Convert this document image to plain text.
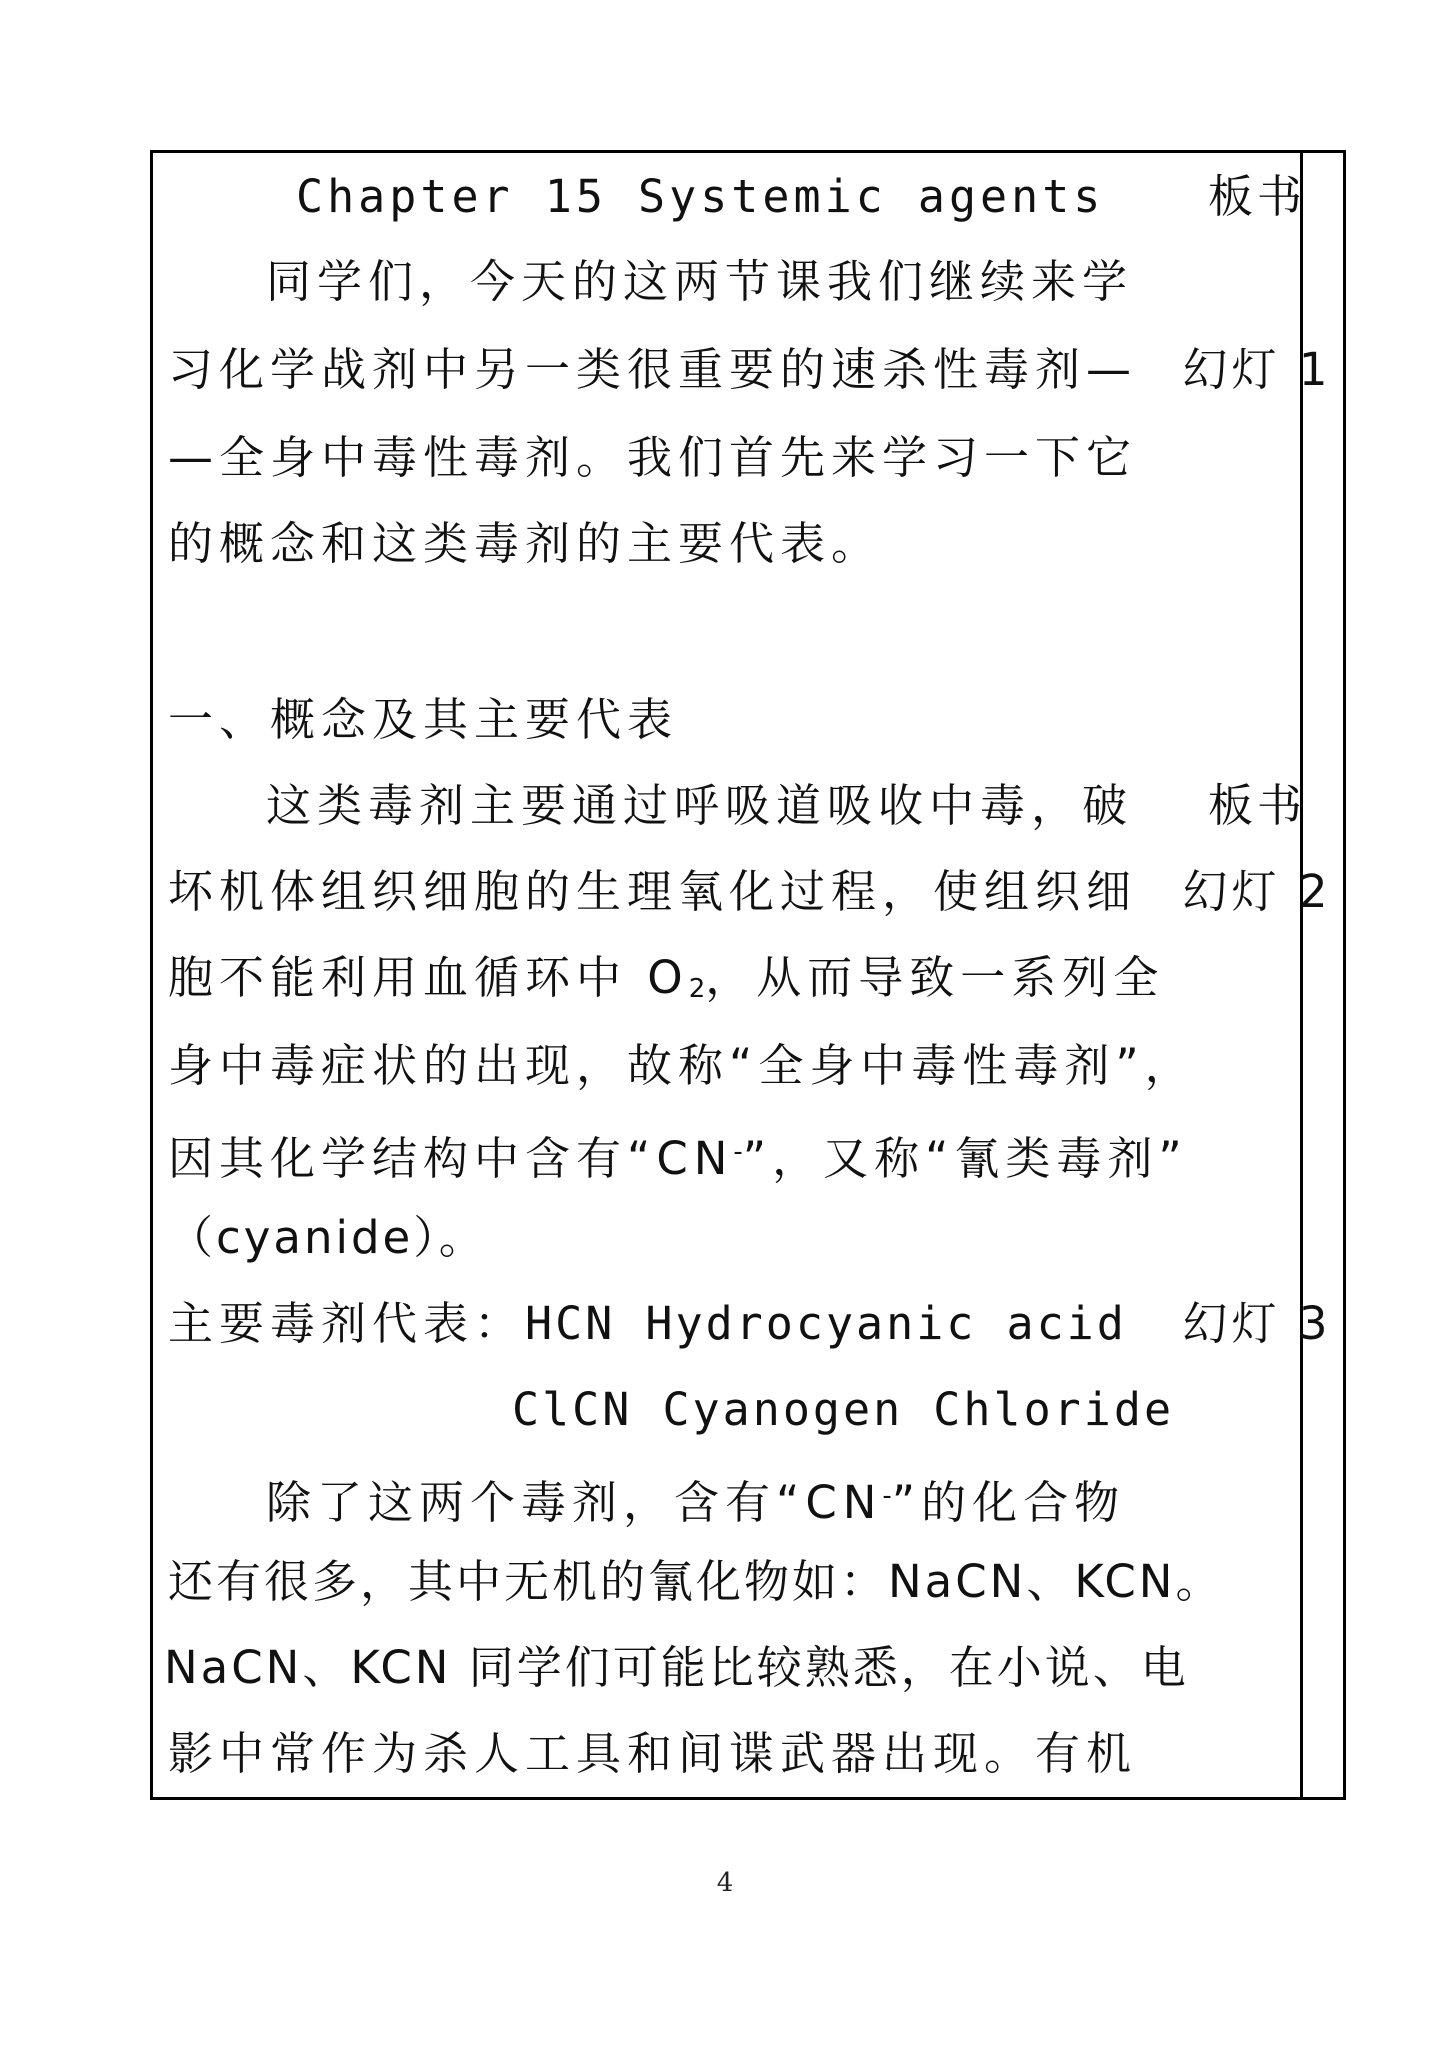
Chapter 15 Systemic agents
同学们，今天的这两节课我们继续来学
习化学战剂中另一类很重要的速杀性毒剂—
—全身中毒性毒剂。我们首先来学习一下它
的概念和这类毒剂的主要代表。
一、概念及其主要代表
这类毒剂主要通过呼吸道吸收中毒，破
坏机体组织细胞的生理氧化过程，使组织细
胞不能利用血循环中 $O_2$，从而导致一系列全
身中毒症状的出现，故称“全身中毒性毒剂”，
因其化学结构中含有“CN-”，又称“氰类毒剂”
（cyanide）。
主要毒剂代表：HCN Hydrocyanic acid
ClCN Cyanogen Chloride
除了这两个毒剂，含有“CN-”的化合物
还有很多，其中无机的氰化物如：NaCN、KCN。
NaCN、KCN 同学们可能比较熟悉，在小说、电
影中常作为杀人工具和间谍武器出现。有机
板书
幻灯 1
板书
幻灯 2
幻灯 3
4
